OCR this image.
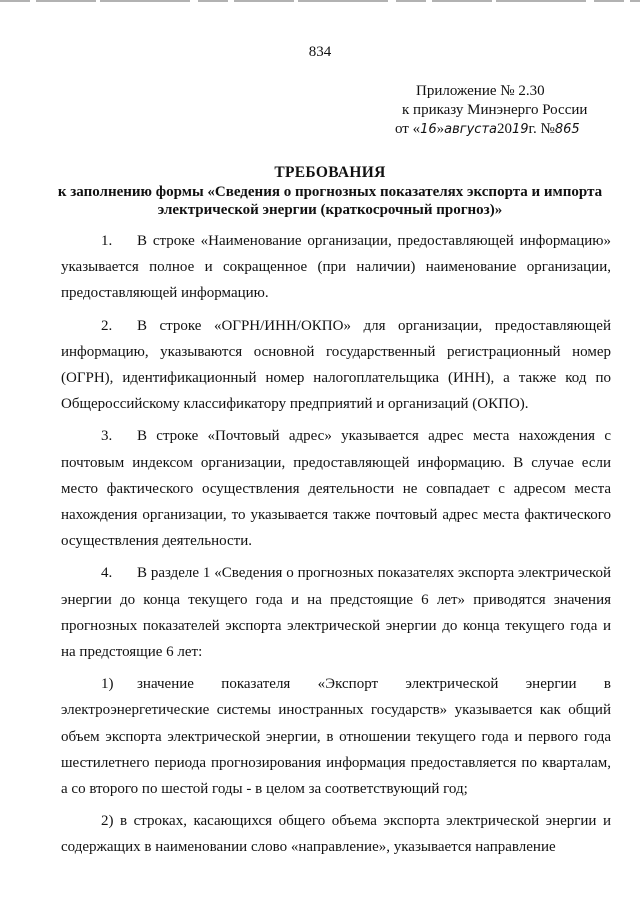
834
Приложение № 2.30
к приказу Минэнерго России
от «16»августа2019г. №865
ТРЕБОВАНИЯ
к заполнению формы «Сведения о прогнозных показателях экспорта и импорта
электрической энергии (краткосрочный прогноз)»

1. В строке «Наименование организации, предоставляющей информацию» указывается полное и сокращенное (при наличии) наименование организации, предоставляющей информацию.

2. В строке «ОГРН/ИНН/ОКПО» для организации, предоставляющей информацию, указываются основной государственный регистрационный номер (ОГРН), идентификационный номер налогоплательщика (ИНН), а также код по Общероссийскому классификатору предприятий и организаций (ОКПО).

3. В строке «Почтовый адрес» указывается адрес места нахождения с почтовым индексом организации, предоставляющей информацию. В случае если место фактического осуществления деятельности не совпадает с адресом места нахождения организации, то указывается также почтовый адрес места фактического осуществления деятельности.

4. В разделе 1 «Сведения о прогнозных показателях экспорта электрической энергии до конца текущего года и на предстоящие 6 лет» приводятся значения прогнозных показателей экспорта электрической энергии до конца текущего года и на предстоящие 6 лет:

1) значение показателя «Экспорт электрической энергии в электроэнергетические системы иностранных государств» указывается как общий объем экспорта электрической энергии, в отношении текущего года и первого года шестилетнего периода прогнозирования информация предоставляется по кварталам, а со второго по шестой годы - в целом за соответствующий год;

2) в строках, касающихся общего объема экспорта электрической энергии и содержащих в наименовании слово «направление», указывается направление
